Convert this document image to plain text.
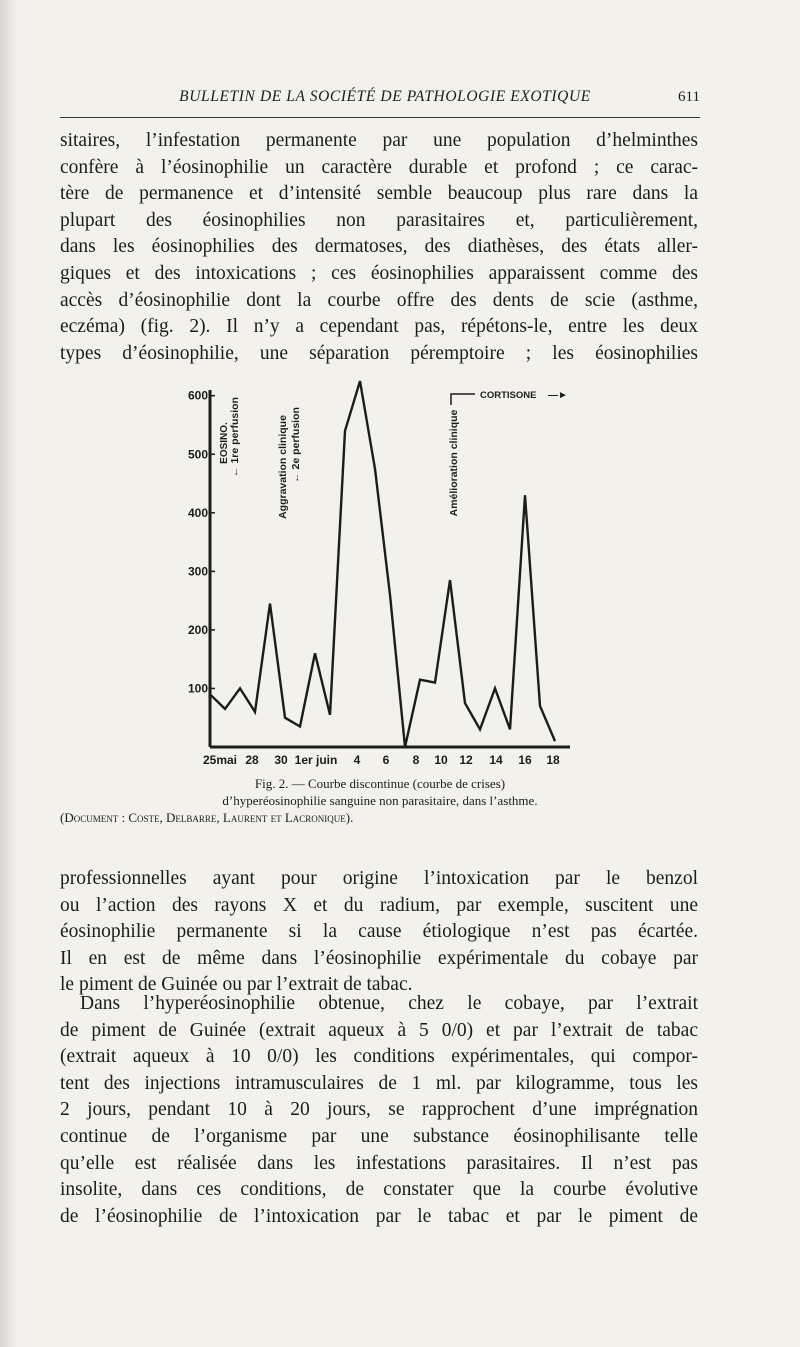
BULLETIN DE LA SOCIÉTÉ DE PATHOLOGIE EXOTIQUE	611

sitaires, l’infestation permanente par une population d’helminthes
confère à l’éosinophilie un caractère durable et profond ; ce carac-
tère de permanence et d’intensité semble beaucoup plus rare dans la
plupart des éosinophilies non parasitaires et, particulièrement,
dans les éosinophilies des dermatoses, des diathèses, des états aller-
giques et des intoxications ; ces éosinophilies apparaissent comme des
accès d’éosinophilie dont la courbe offre des dents de scie (asthme,
eczéma) (fig. 2). Il n’y a cependant pas, répétons-le, entre les deux
types d’éosinophilie, une séparation péremptoire ; les éosinophilies

100
200
300
400
500
600
25mai 28 30 1er juin 4 6 8 10 12 14 16 18
EOSINO. ← 1re perfusion	Aggravation clinique ← 2e perfusion	Amélioration clinique
CORTISONE —►
Fig. 2. — Courbe discontinue (courbe de crises)
d’hyperéosinophilie sanguine non parasitaire, dans l’asthme.
(Document : Coste, Delbarre, Laurent et Lacronique).

professionnelles ayant pour origine l’intoxication par le benzol
ou l’action des rayons X et du radium, par exemple, suscitent une
éosinophilie permanente si la cause étiologique n’est pas écartée.
Il en est de même dans l’éosinophilie expérimentale du cobaye par
le piment de Guinée ou par l’extrait de tabac.

Dans l’hyperéosinophilie obtenue, chez le cobaye, par l’extrait
de piment de Guinée (extrait aqueux à 5 0/0) et par l’extrait de tabac
(extrait aqueux à 10 0/0) les conditions expérimentales, qui compor-
tent des injections intramusculaires de 1 ml. par kilogramme, tous les
2 jours, pendant 10 à 20 jours, se rapprochent d’une imprégnation
continue de l’organisme par une substance éosinophilisante telle
qu’elle est réalisée dans les infestations parasitaires. Il n’est pas
insolite, dans ces conditions, de constater que la courbe évolutive
de l’éosinophilie de l’intoxication par le tabac et par le piment de
